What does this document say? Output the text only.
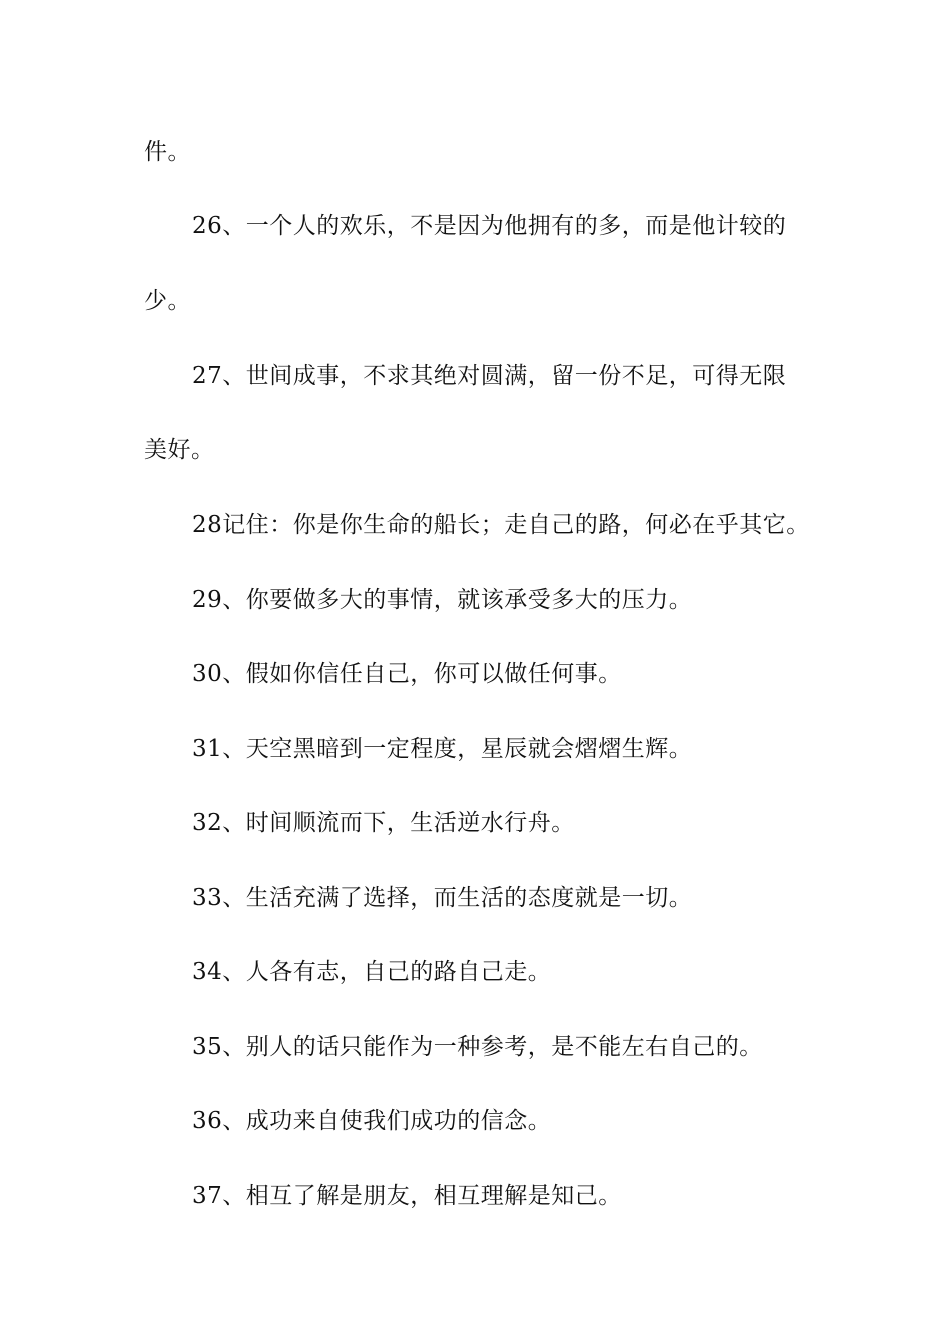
件。
26、一个人的欢乐，不是因为他拥有的多，而是他计较的
少。
27、世间成事，不求其绝对圆满，留一份不足，可得无限
美好。
28记住：你是你生命的船长；走自己的路，何必在乎其它。
29、你要做多大的事情，就该承受多大的压力。
30、假如你信任自己，你可以做任何事。
31、天空黑暗到一定程度，星辰就会熠熠生辉。
32、时间顺流而下，生活逆水行舟。
33、生活充满了选择，而生活的态度就是一切。
34、人各有志，自己的路自己走。
35、别人的话只能作为一种参考，是不能左右自己的。
36、成功来自使我们成功的信念。
37、相互了解是朋友，相互理解是知己。
